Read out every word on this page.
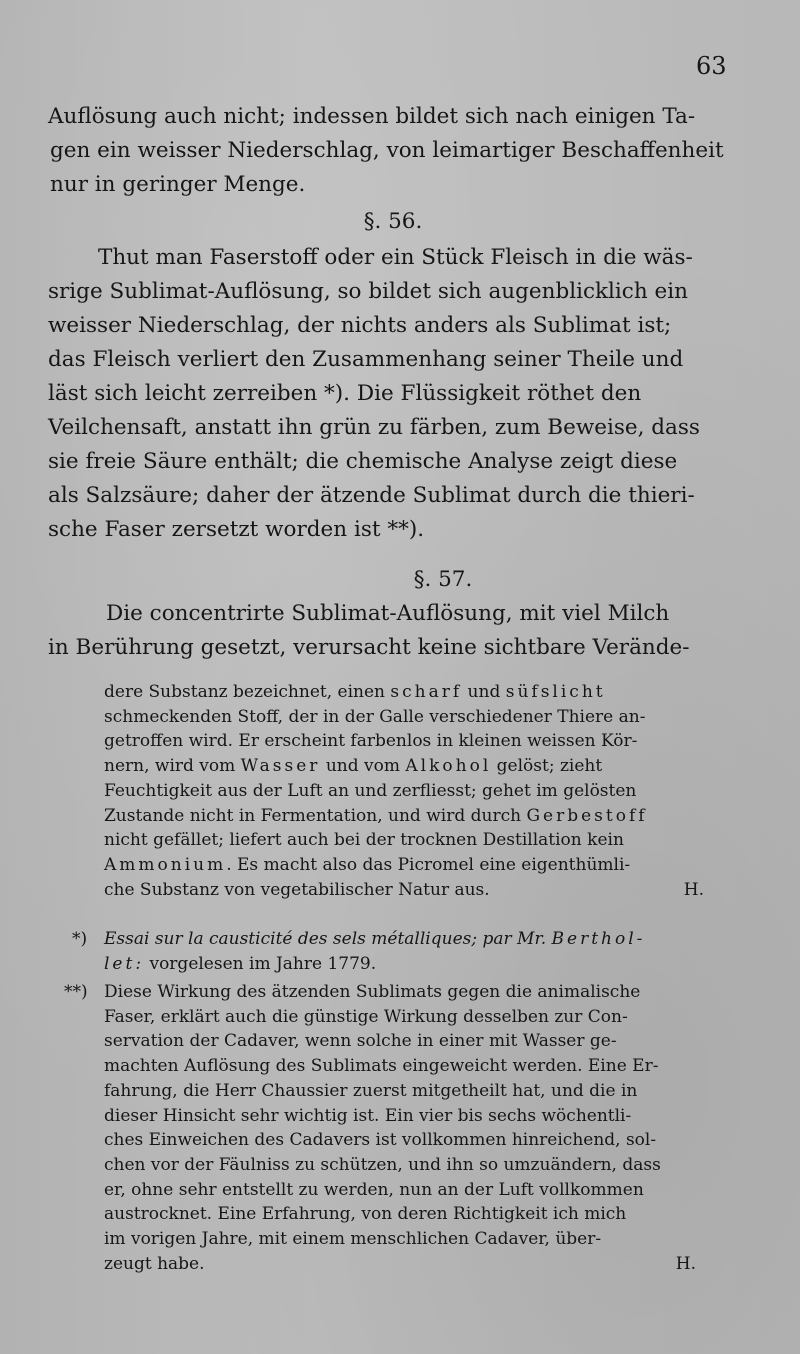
63
Auflösung auch nicht; indessen bildet sich nach einigen Ta-
gen ein weisser Niederschlag, von leimartiger Beschaffenheit
nur in geringer Menge.
§. 56.
Thut man Faserstoff oder ein Stück Fleisch in die wäs-
srige Sublimat-Auflösung, so bildet sich augenblicklich ein
weisser Niederschlag, der nichts anders als Sublimat ist;
das Fleisch verliert den Zusammenhang seiner Theile und
läst sich leicht zerreiben *). Die Flüssigkeit röthet den
Veilchensaft, anstatt ihn grün zu färben, zum Beweise, dass
sie freie Säure enthält; die chemische Analyse zeigt diese
als Salzsäure; daher der ätzende Sublimat durch die thieri-
sche Faser zersetzt worden ist **).
§. 57.
Die concentrirte Sublimat-Auflösung, mit viel Milch
in Berührung gesetzt, verursacht keine sichtbare Verände-
dere Substanz bezeichnet, einen scharf und süfslicht
schmeckenden Stoff, der in der Galle verschiedener Thiere an-
getroffen wird. Er erscheint farbenlos in kleinen weissen Kör-
nern, wird vom Wasser und vom Alkohol gelöst; zieht
Feuchtigkeit aus der Luft an und zerfliesst; gehet im gelösten
Zustande nicht in Fermentation, und wird durch Gerbestoff
nicht gefället; liefert auch bei der trocknen Destillation kein
Ammonium. Es macht also das Picromel eine eigenthümli-
che Substanz von vegetabilischer Natur aus.	H.
*) Essai sur la causticité des sels métalliques; par Mr. Berthol-
let: vorgelesen im Jahre 1779.
**) Diese Wirkung des ätzenden Sublimats gegen die animalische
Faser, erklärt auch die günstige Wirkung desselben zur Con-
servation der Cadaver, wenn solche in einer mit Wasser ge-
machten Auflösung des Sublimats eingeweicht werden. Eine Er-
fahrung, die Herr Chaussier zuerst mitgetheilt hat, und die in
dieser Hinsicht sehr wichtig ist. Ein vier bis sechs wöchentli-
ches Einweichen des Cadavers ist vollkommen hinreichend, sol-
chen vor der Fäulniss zu schützen, und ihn so umzuändern, dass
er, ohne sehr entstellt zu werden, nun an der Luft vollkommen
austrocknet. Eine Erfahrung, von deren Richtigkeit ich mich
im vorigen Jahre, mit einem menschlichen Cadaver, über-
zeugt habe.	H.
